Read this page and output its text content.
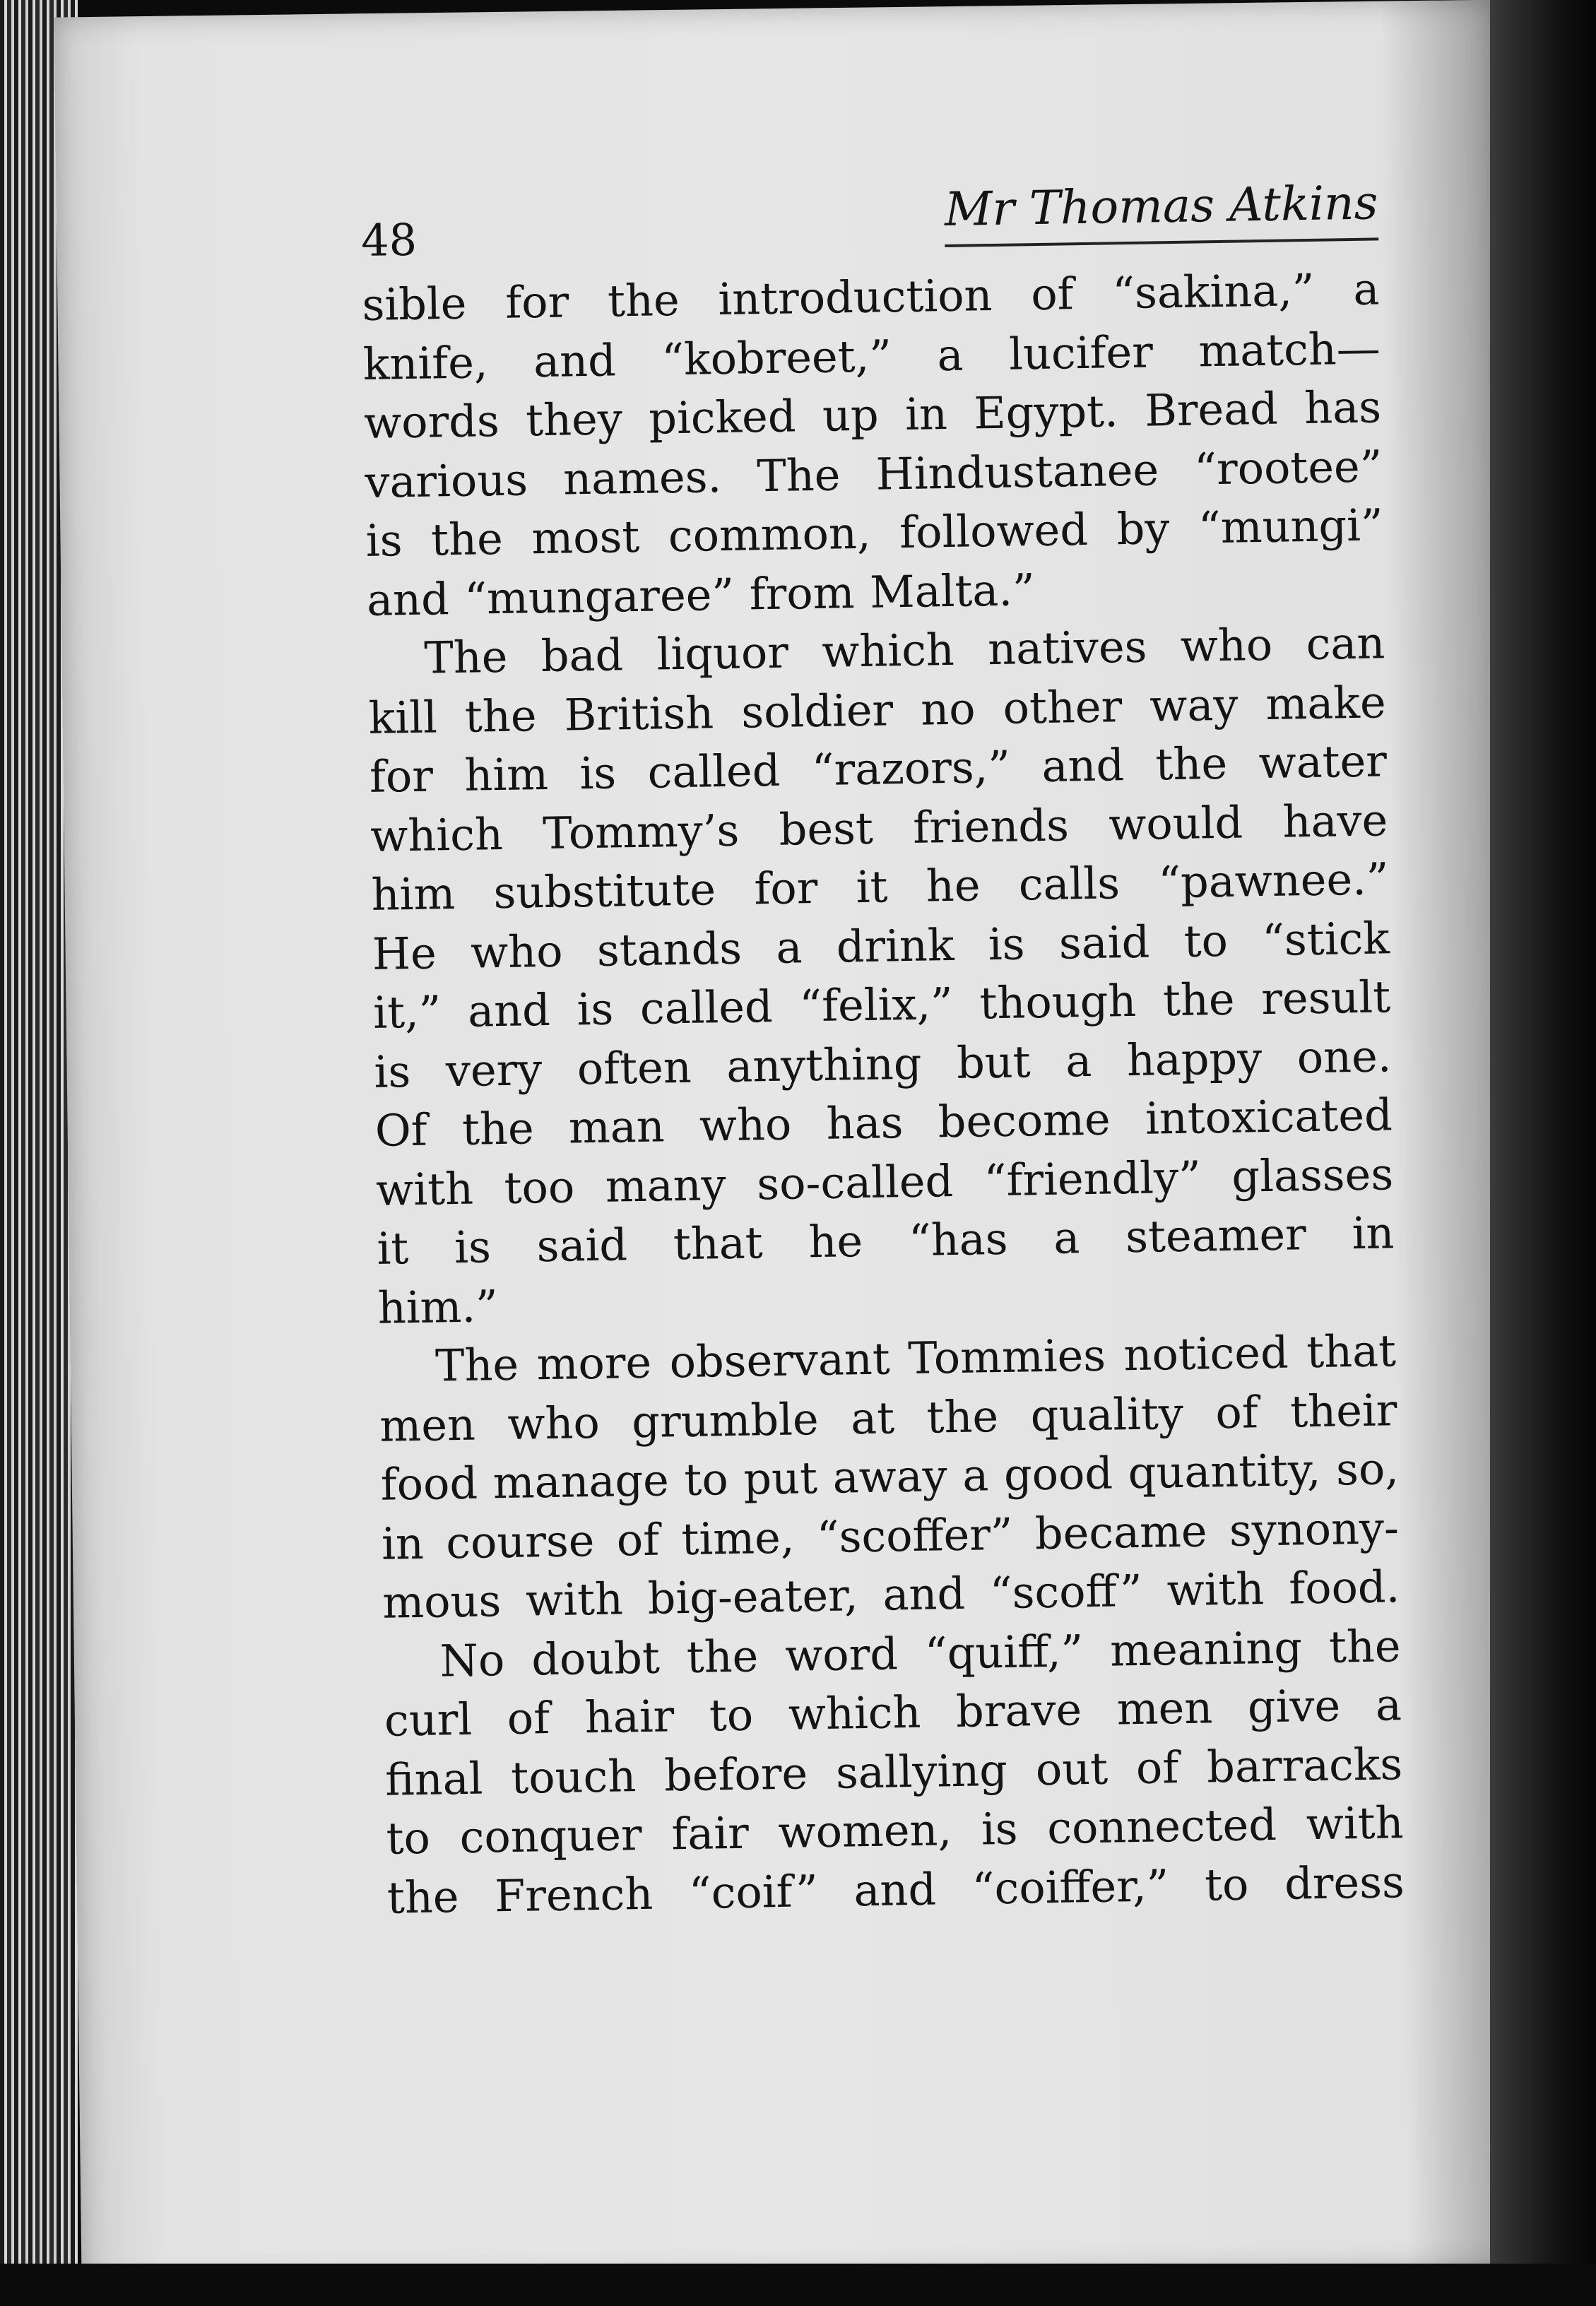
48
Mr Thomas Atkins
sible for the introduction of “sakina,” a
knife, and “kobreet,” a lucifer match—
words they picked up in Egypt. Bread has
various names. The Hindustanee “rootee”
is the most common, followed by “mungi”
and “mungaree” from Malta.”
The bad liquor which natives who can
kill the British soldier no other way make
for him is called “razors,” and the water
which Tommy’s best friends would have
him substitute for it he calls “pawnee.”
He who stands a drink is said to “stick
it,” and is called “felix,” though the result
is very often anything but a happy one.
Of the man who has become intoxicated
with too many so-called “friendly” glasses
it is said that he “has a steamer in
him.”
The more observant Tommies noticed that
men who grumble at the quality of their
food manage to put away a good quantity, so,
in course of time, “scoffer” became synony-
mous with big-eater, and “scoff” with food.
No doubt the word “quiff,” meaning the
curl of hair to which brave men give a
final touch before sallying out of barracks
to conquer fair women, is connected with
the French “coif” and “coiffer,” to dress
